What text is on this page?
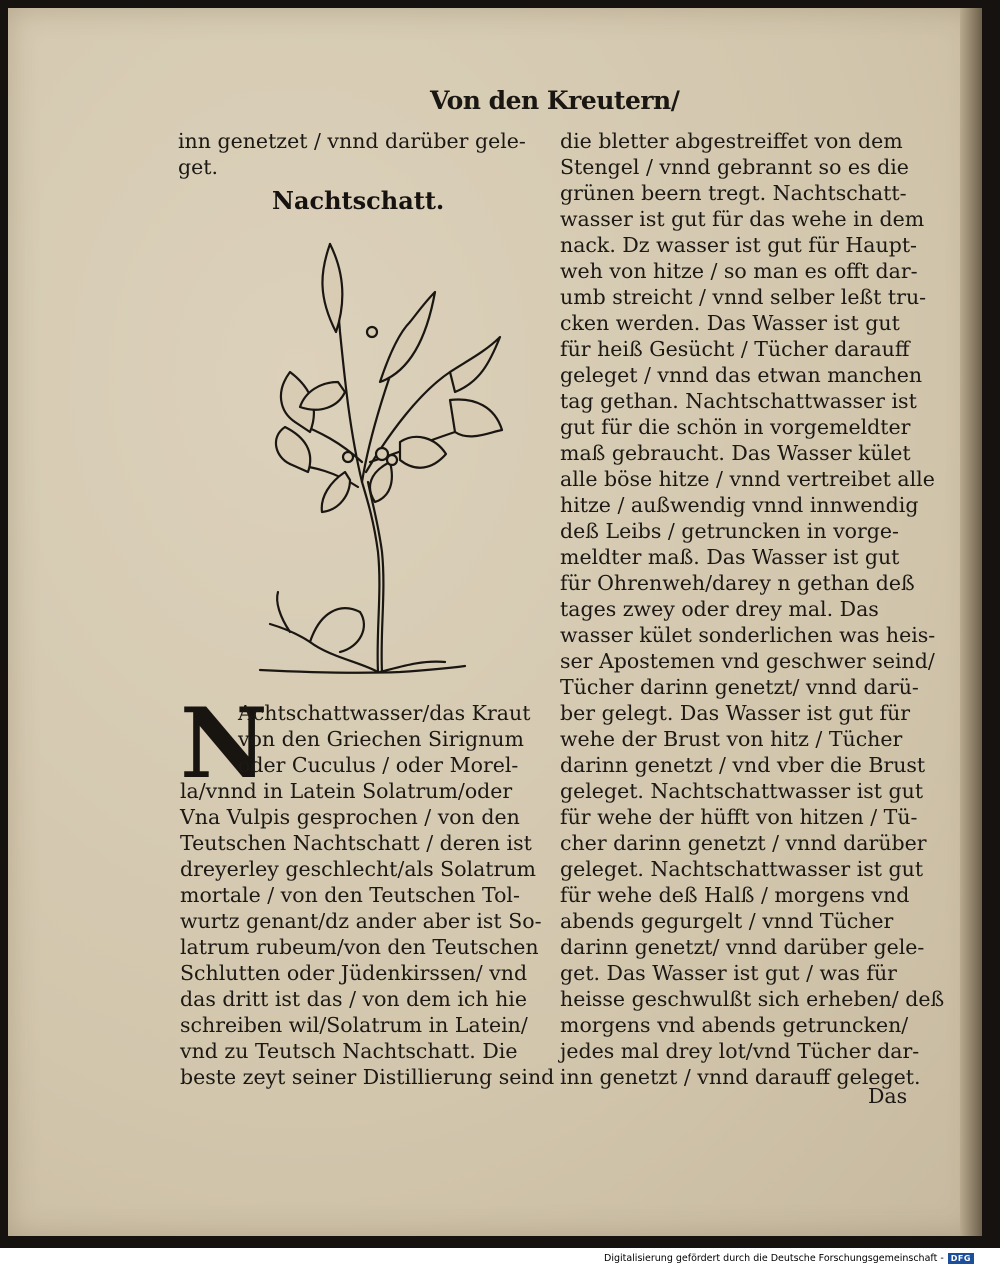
Von den Kreutern/
inn genetzet / vnnd darüber gele-
get.
Nachtschatt.
N
Achtschattwasser/das Kraut
von den Griechen Sirignum
oder Cuculus / oder Morel-
la/vnnd in Latein Solatrum/oder
Vna Vulpis gesprochen / von den
Teutschen Nachtschatt / deren ist
dreyerley geschlecht/als Solatrum
mortale / von den Teutschen Tol-
wurtz genant/dz ander aber ist So-
latrum rubeum/von den Teutschen
Schlutten oder Jüdenkirssen/ vnd
das dritt ist das / von dem ich hie
schreiben wil/Solatrum in Latein/
vnd zu Teutsch Nachtschatt. Die
beste zeyt seiner Distillierung seind
die bletter abgestreiffet von dem
Stengel / vnnd gebrannt so es die
grünen beern tregt. Nachtschatt-
wasser ist gut für das wehe in dem
nack. Dz wasser ist gut für Haupt-
weh von hitze / so man es offt dar-
umb streicht / vnnd selber leßt tru-
cken werden. Das Wasser ist gut
für heiß Gesücht / Tücher darauff
geleget / vnnd das etwan manchen
tag gethan. Nachtschattwasser ist
gut für die schön in vorgemeldter
maß gebraucht. Das Wasser kület
alle böse hitze / vnnd vertreibet alle
hitze / außwendig vnnd innwendig
deß Leibs / getruncken in vorge-
meldter maß. Das Wasser ist gut
für Ohrenweh/darey n gethan deß
tages zwey oder drey mal. Das
wasser kület sonderlichen was heis-
ser Apostemen vnd geschwer seind/
Tücher darinn genetzt/ vnnd darü-
ber gelegt. Das Wasser ist gut für
wehe der Brust von hitz / Tücher
darinn genetzt / vnd vber die Brust
geleget. Nachtschattwasser ist gut
für wehe der hüfft von hitzen / Tü-
cher darinn genetzt / vnnd darüber
geleget. Nachtschattwasser ist gut
für wehe deß Halß / morgens vnd
abends gegurgelt / vnnd Tücher
darinn genetzt/ vnnd darüber gele-
get. Das Wasser ist gut / was für
heisse geschwulßt sich erheben/ deß
morgens vnd abends getruncken/
jedes mal drey lot/vnd Tücher dar-
inn genetzt / vnnd darauff geleget.
Das
Digitalisierung gefördert durch die Deutsche Forschungsgemeinschaft - DFG
